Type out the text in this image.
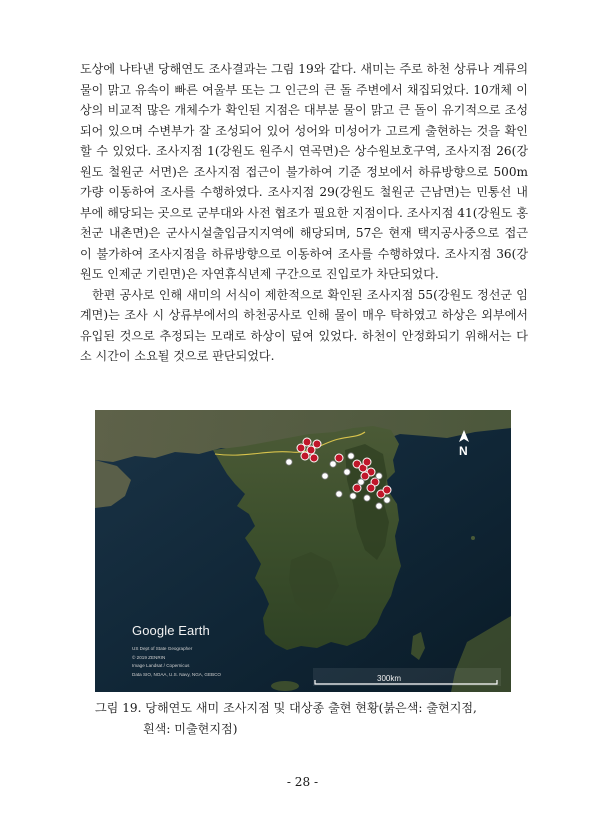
도상에 나타낸 당해연도 조사결과는 그림 19와 같다. 새미는 주로 하천 상류나 계류의 물이 맑고 유속이 빠른 여울부 또는 그 인근의 큰 돌 주변에서 채집되었다. 10개체 이상의 비교적 많은 개체수가 확인된 지점은 대부분 물이 맑고 큰 돌이 유기적으로 조성되어 있으며 수변부가 잘 조성되어 있어 성어와 미성어가 고르게 출현하는 것을 확인할 수 있었다. 조사지점 1(강원도 원주시 연곡면)은 상수원보호구역, 조사지점 26(강원도 철원군 서면)은 조사지점 접근이 불가하여 기준 정보에서 하류방향으로 500m 가량 이동하여 조사를 수행하였다. 조사지점 29(강원도 철원군 근남면)는 민통선 내부에 해당되는 곳으로 군부대와 사전 협조가 필요한 지점이다. 조사지점 41(강원도 홍천군 내촌면)은 군사시설출입금지지역에 해당되며, 57은 현재 택지공사중으로 접근이 불가하여 조사지점을 하류방향으로 이동하여 조사를 수행하였다. 조사지점 36(강원도 인제군 기린면)은 자연휴식년제 구간으로 진입로가 차단되었다.

한편 공사로 인해 새미의 서식이 제한적으로 확인된 조사지점 55(강원도 정선군 임계면)는 조사 시 상류부에서의 하천공사로 인해 물이 매우 탁하였고 하상은 외부에서 유입된 것으로 추정되는 모래로 하상이 덮여 있었다. 하천이 안정화되기 위해서는 다소 시간이 소요될 것으로 판단되었다.

Google Earth
US Dept of State Geographer
© 2019 ZENRIN
Image Landsat / Copernicus
Data SIO, NOAA, U.S. Navy, NGA, GEBCO	300km
N
그림 19. 당해연도 새미 조사지점 및 대상종 출현 현황(붉은색: 출현지점,
흰색: 미출현지점)
- 28 -
